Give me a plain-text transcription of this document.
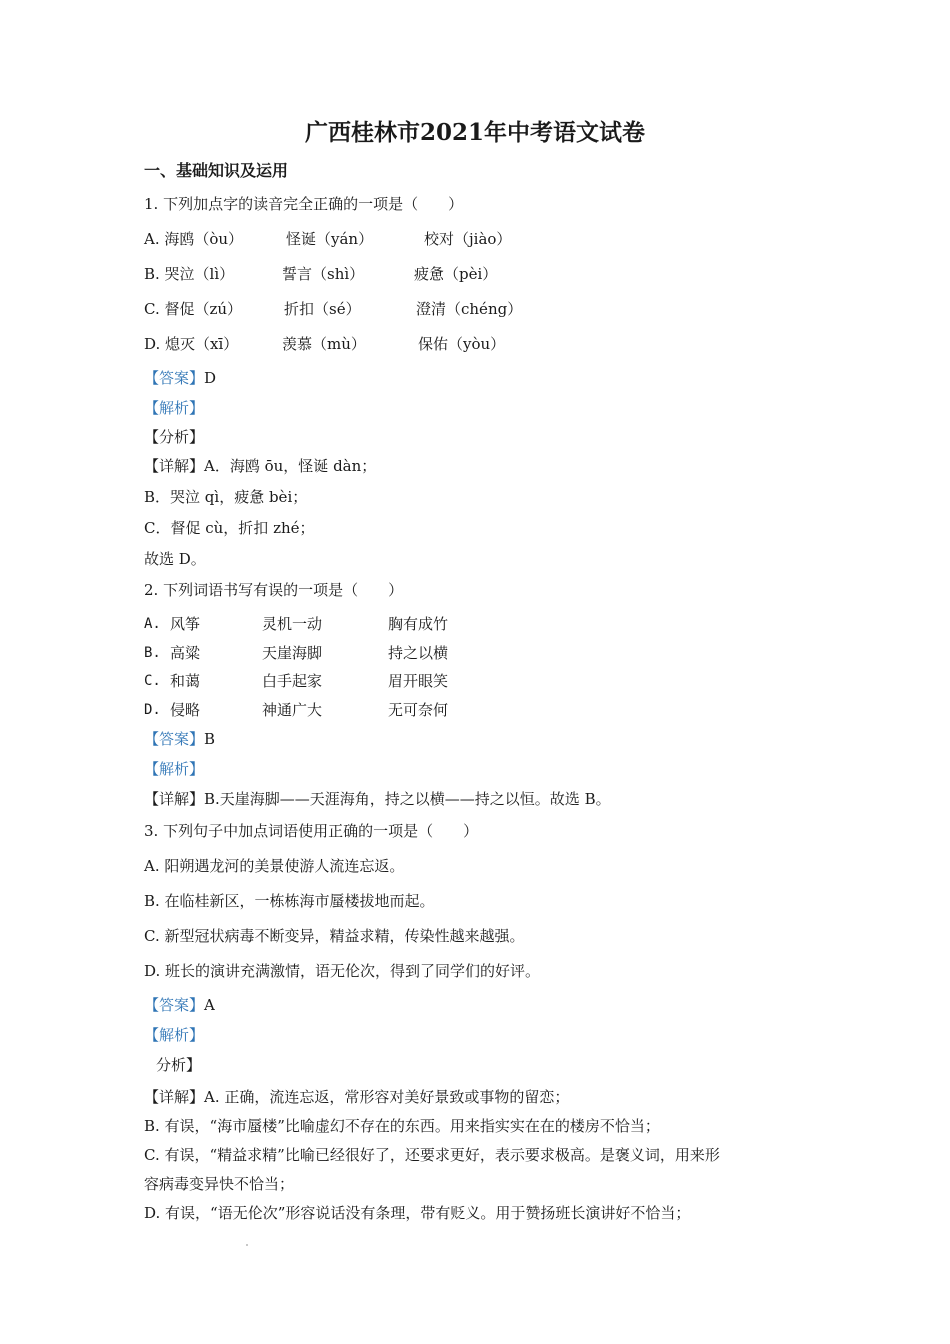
广西桂林市2021年中考语文试卷
一、基础知识及运用
1. 下列加点字的读音完全正确的一项是（　　）
A. 海鸥（òu）	怪诞（yán）	校对（jiào）
B. 哭泣（lì）	誓言（shì）	疲惫（pèi）
C. 督促（zú）	折扣（sé）	澄清（chéng）
D. 熄灭（xī）	羡慕（mù）	保佑（yòu）
【答案】D
【解析】
【分析】
【详解】A．海鸥 ōu，怪诞 dàn；
B．哭泣 qì，疲惫 bèi；
C．督促 cù，折扣 zhé；
故选 D。
2. 下列词语书写有误的一项是（　　）
A. 风筝	灵机一动	胸有成竹
B. 高粱	天崖海脚	持之以横
C. 和蔼	白手起家	眉开眼笑
D. 侵略	神通广大	无可奈何
【答案】B
【解析】
【详解】B.天崖海脚——天涯海角，持之以横——持之以恒。故选 B。
3. 下列句子中加点词语使用正确的一项是（　　）
A. 阳朔遇龙河的美景使游人流连忘返。
B. 在临桂新区，一栋栋海市蜃楼拔地而起。
C. 新型冠状病毒不断变异，精益求精，传染性越来越强。
D. 班长的演讲充满激情，语无伦次，得到了同学们的好评。
【答案】A
【解析】
分析】
【详解】A. 正确，流连忘返，常形容对美好景致或事物的留恋；
B. 有误，“海市蜃楼”比喻虚幻不存在的东西。用来指实实在在的楼房不恰当；
C. 有误，“精益求精”比喻已经很好了，还要求更好，表示要求极高。是褒义词，用来形
容病毒变异快不恰当；
D. 有误，“语无伦次”形容说话没有条理，带有贬义。用于赞扬班长演讲好不恰当；
